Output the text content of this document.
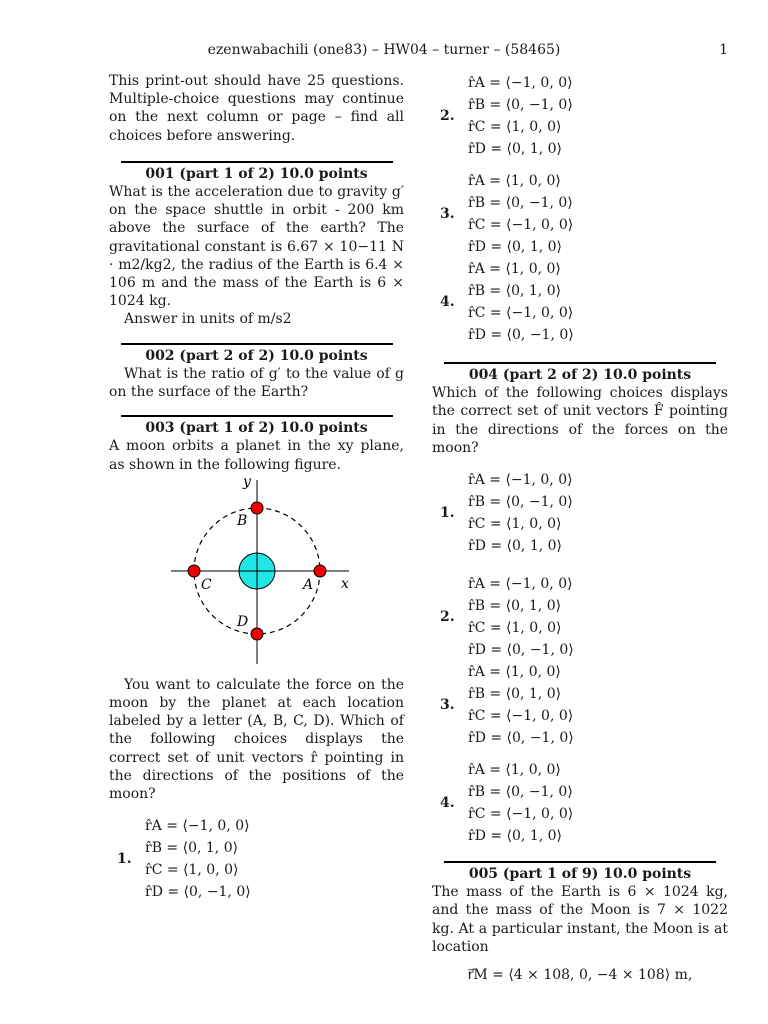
ezenwabachili (one83) – HW04 – turner – (58465)	1

This print-out should have 25 questions. Multiple-choice questions may continue on the next column or page – find all choices before answering.

001 (part 1 of 2) 10.0 points

What is the acceleration due to gravity g′ on the space shuttle in orbit - 200 km above the surface of the earth? The gravitational constant is 6.67 × 10−11 N · m2/kg2, the radius of the Earth is 6.4 × 106 m and the mass of the Earth is 6 × 1024 kg.

Answer in units of m/s2

002 (part 2 of 2) 10.0 points

What is the ratio of g′ to the value of g on the surface of the Earth?

003 (part 1 of 2) 10.0 points

A moon orbits a planet in the xy plane, as shown in the following figure.

y
x
B
A
C
D

You want to calculate the force on the moon by the planet at each location labeled by a letter (A, B, C, D). Which of the following choices displays the correct set of unit vectors r̂ pointing in the directions of the positions of the moon?

1.
r̂A = ⟨−1, 0, 0⟩
r̂B = ⟨0, 1, 0⟩
r̂C = ⟨1, 0, 0⟩
r̂D = ⟨0, −1, 0⟩
2.
r̂A = ⟨−1, 0, 0⟩
r̂B = ⟨0, −1, 0⟩
r̂C = ⟨1, 0, 0⟩
r̂D = ⟨0, 1, 0⟩
3.
r̂A = ⟨1, 0, 0⟩
r̂B = ⟨0, −1, 0⟩
r̂C = ⟨−1, 0, 0⟩
r̂D = ⟨0, 1, 0⟩
4.
r̂A = ⟨1, 0, 0⟩
r̂B = ⟨0, 1, 0⟩
r̂C = ⟨−1, 0, 0⟩
r̂D = ⟨0, −1, 0⟩
004 (part 2 of 2) 10.0 points

Which of the following choices displays the correct set of unit vectors F̂ pointing in the directions of the forces on the moon?

1.
r̂A = ⟨−1, 0, 0⟩
r̂B = ⟨0, −1, 0⟩
r̂C = ⟨1, 0, 0⟩
r̂D = ⟨0, 1, 0⟩
2.
r̂A = ⟨−1, 0, 0⟩
r̂B = ⟨0, 1, 0⟩
r̂C = ⟨1, 0, 0⟩
r̂D = ⟨0, −1, 0⟩
3.
r̂A = ⟨1, 0, 0⟩
r̂B = ⟨0, 1, 0⟩
r̂C = ⟨−1, 0, 0⟩
r̂D = ⟨0, −1, 0⟩
4.
r̂A = ⟨1, 0, 0⟩
r̂B = ⟨0, −1, 0⟩
r̂C = ⟨−1, 0, 0⟩
r̂D = ⟨0, 1, 0⟩
005 (part 1 of 9) 10.0 points

The mass of the Earth is 6 × 1024 kg, and the mass of the Moon is 7 × 1022 kg. At a particular instant, the Moon is at location

r⃗M = ⟨4 × 108, 0, −4 × 108⟩ m,
